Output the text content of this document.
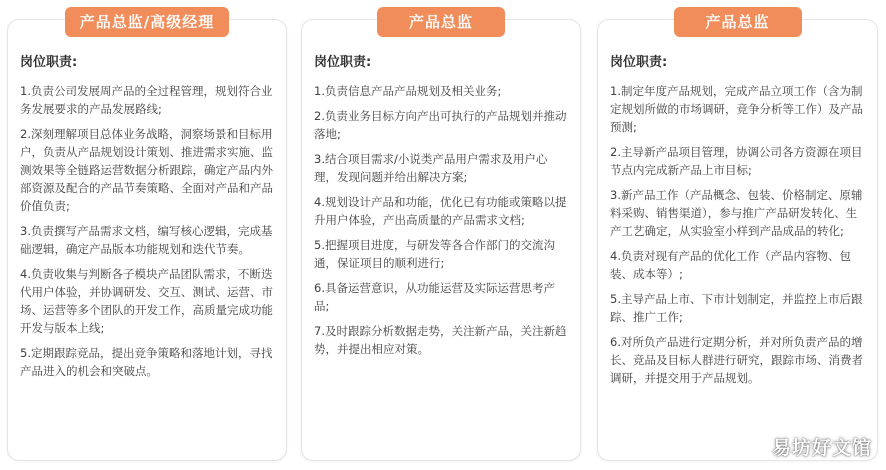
产品总监/高级经理
岗位职责:

1.负责公司发展周产品的全过程管理，规划符合业务发展要求的产品发展路线;

2.深刻理解项目总体业务战略，洞察场景和目标用户，负责从产品规划设计策划、推进需求实施、监测效果等全链路运营数据分析跟踪，确定产品内外部资源及配合的产品节奏策略、全面对产品和产品价值负责;

3.负责撰写产品需求文档，编写核心逻辑，完成基础逻辑，确定产品版本功能规划和迭代节奏。

4.负责收集与判断各子模块产品团队需求，不断迭代用户体验，并协调研发、交互、测试、运营、市场、运营等多个团队的开发工作，高质量完成功能开发与版本上线;

5.定期跟踪竞品，提出竞争策略和落地计划，寻找产品进入的机会和突破点。

产品总监
岗位职责:

1.负责信息产品产品规划及相关业务;

2.负责业务目标方向产出可执行的产品规划并推动落地;

3.结合项目需求/小说类产品用户需求及用户心理，发现问题并给出解决方案;

4.规划设计产品和功能，优化已有功能或策略以提升用户体验，产出高质量的产品需求文档;

5.把握项目进度，与研发等各合作部门的交流沟通，保证项目的顺利进行;

6.具备运营意识，从功能运营及实际运营思考产品;

7.及时跟踪分析数据走势，关注新产品，关注新趋势，并提出相应对策。

产品总监
岗位职责:

1.制定年度产品规划，完成产品立项工作（含为制定规划所做的市场调研，竞争分析等工作）及产品预测;

2.主导新产品项目管理，协调公司各方资源在项目节点内完成新产品上市目标;

3.新产品工作（产品概念、包装、价格制定、原辅料采购、销售渠道），参与推广产品研发转化、生产工艺确定，从实验室小样到产品成品的转化;

4.负责对现有产品的优化工作（产品内容物、包装、成本等）;

5.主导产品上市、下市计划制定，并监控上市后跟踪、推广工作;

6.对所负产品进行定期分析，并对所负责产品的增长、竞品及目标人群进行研究，跟踪市场、消费者调研，并提交用于产品规划。

易坊好文馆
